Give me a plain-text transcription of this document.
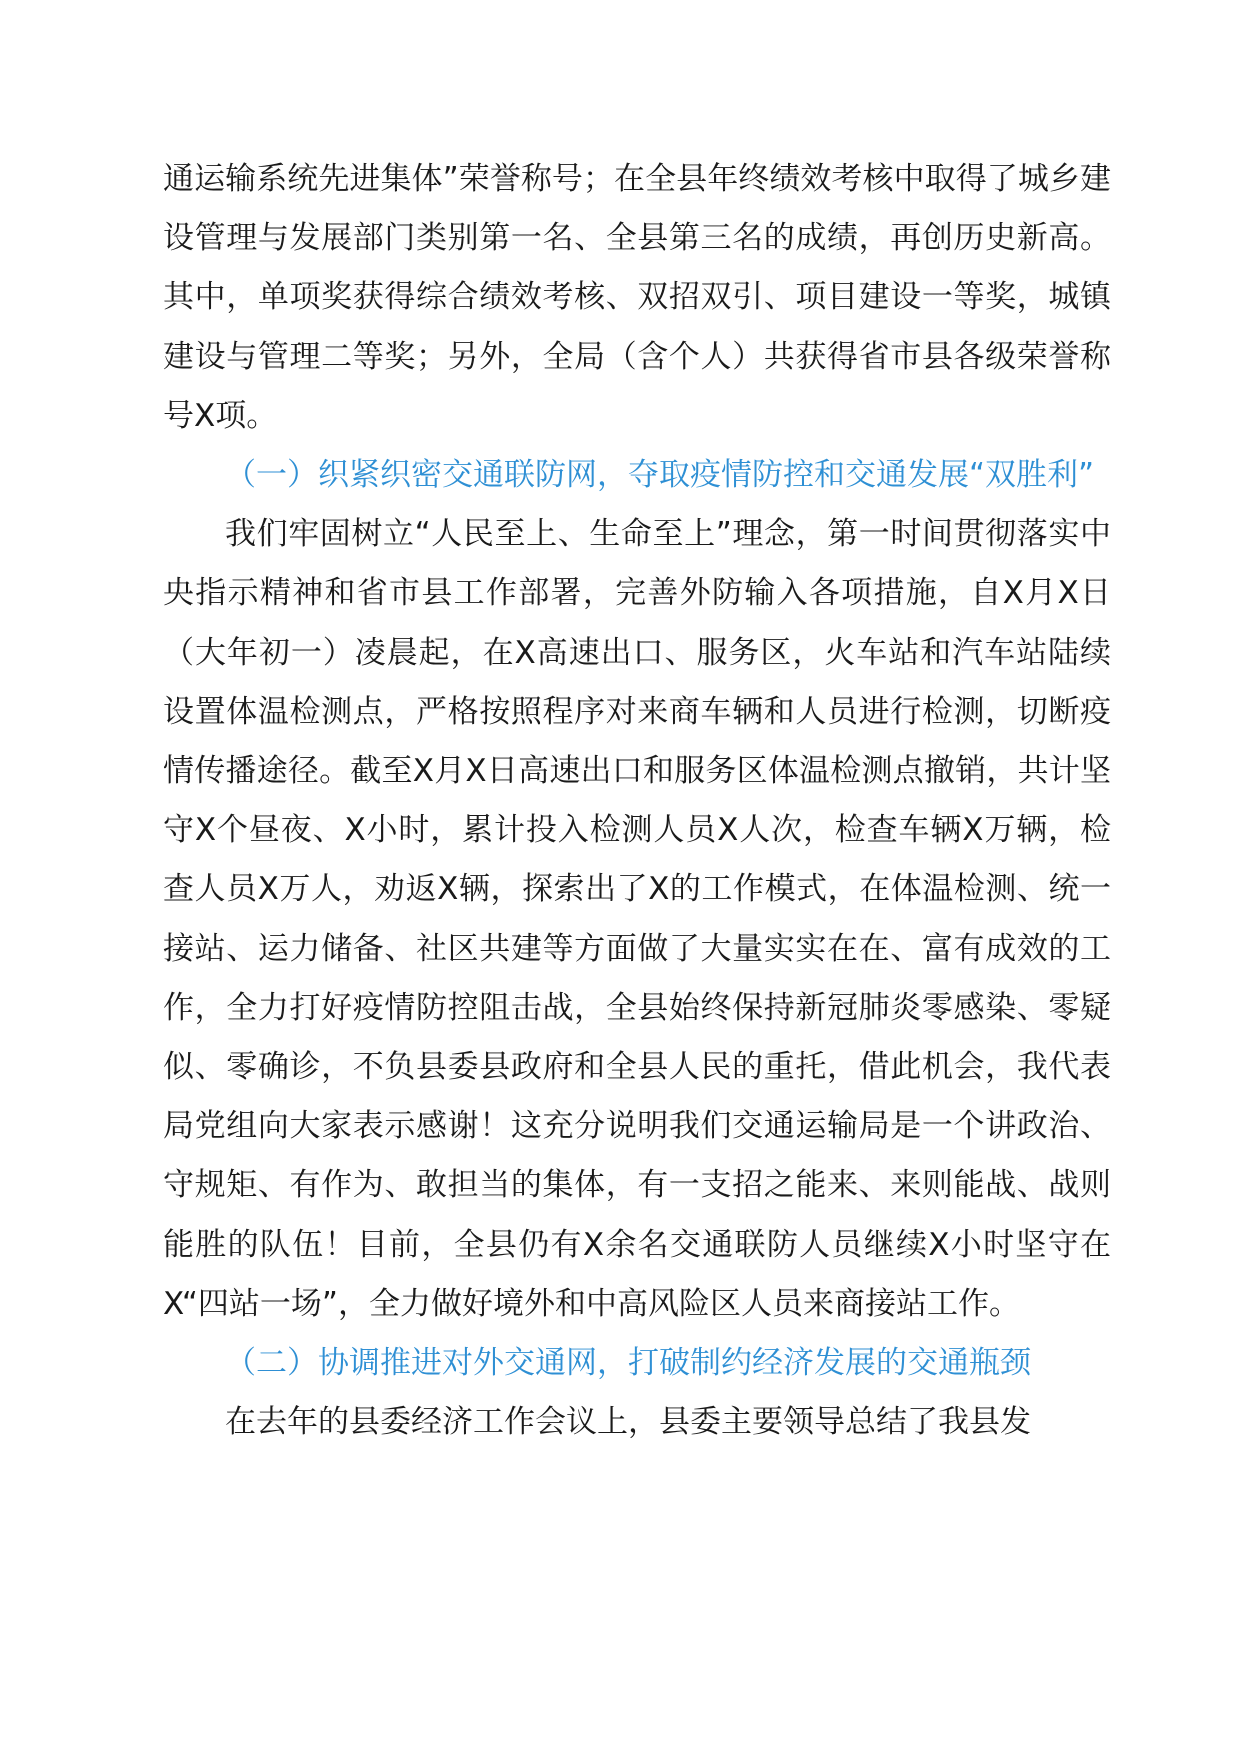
通运输系统先进集体”荣誉称号；在全县年终绩效考核中取得了城乡建设管理与发展部门类别第一名、全县第三名的成绩，再创历史新高。其中，单项奖获得综合绩效考核、双招双引、项目建设一等奖，城镇建设与管理二等奖；另外，全局（含个人）共获得省市县各级荣誉称号X项。

（一）织紧织密交通联防网，夺取疫情防控和交通发展“双胜利”

我们牢固树立“人民至上、生命至上”理念，第一时间贯彻落实中央指示精神和省市县工作部署，完善外防输入各项措施，自X月X日（大年初一）凌晨起，在X高速出口、服务区，火车站和汽车站陆续设置体温检测点，严格按照程序对来商车辆和人员进行检测，切断疫情传播途径。截至X月X日高速出口和服务区体温检测点撤销，共计坚守X个昼夜、X小时，累计投入检测人员X人次，检查车辆X万辆，检查人员X万人，劝返X辆，探索出了X的工作模式，在体温检测、统一接站、运力储备、社区共建等方面做了大量实实在在、富有成效的工作，全力打好疫情防控阻击战，全县始终保持新冠肺炎零感染、零疑似、零确诊，不负县委县政府和全县人民的重托，借此机会，我代表局党组向大家表示感谢！这充分说明我们交通运输局是一个讲政治、守规矩、有作为、敢担当的集体，有一支招之能来、来则能战、战则能胜的队伍！目前，全县仍有X余名交通联防人员继续X小时坚守在X“四站一场”，全力做好境外和中高风险区人员来商接站工作。

（二）协调推进对外交通网，打破制约经济发展的交通瓶颈

在去年的县委经济工作会议上，县委主要领导总结了我县发
